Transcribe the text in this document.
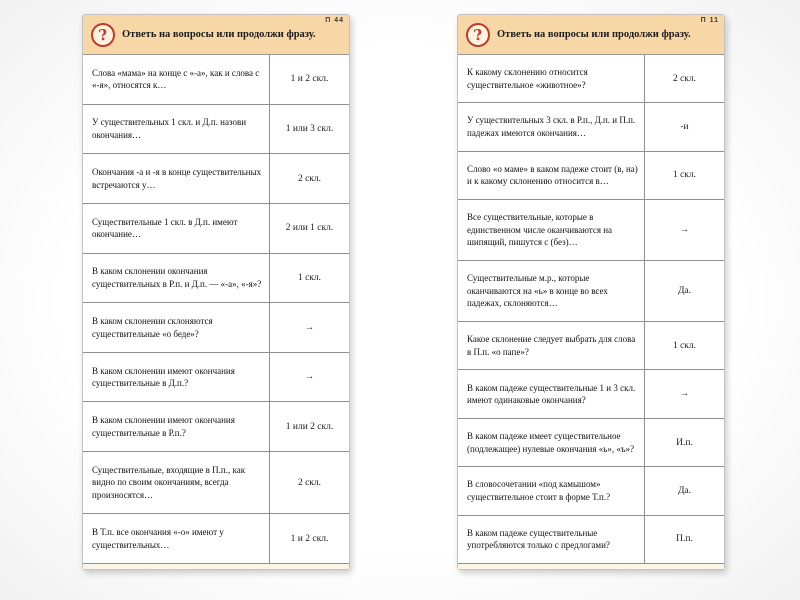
П 44
?	Ответь на вопросы или продолжи фразу.
Слова «мама» на конце с «-а», как и слова с «-я», относятся к…
1 и 2 скл.
У существительных 1 скл. и Д.п. назови окончания…
1 или 3 скл.
Окончания -а и -я в конце существительных встречаются у…
2 скл.
Существительные 1 скл. в Д.п. имеют окончание…
2 или 1 скл.
В каком склонении окончания существительных в Р.п. и Д.п. — «-а», «-я»?
1 скл.
В каком склонении склоняются существительные «о беде»?
→
В каком склонении имеют окончания существительные в Д.п.?
→
В каком склонении имеют окончания существительные в Р.п.?
1 или 2 скл.
Существительные, входящие в П.п., как видно по своим окончаниям, всегда произносятся…
2 скл.
В Т.п. все окончания «-о» имеют у существительных…
1 и 2 скл.
П 11
?	Ответь на вопросы или продолжи фразу.
К какому склонению относится существительное «животное»?
2 скл.
У существительных 3 скл. в Р.п., Д.п. и П.п. падежах имеются окончания…
-и
Слово «о маме» в каком падеже стоит (в, на) и к какому склонению относится в…
1 скл.
Все существительные, которые в единственном числе оканчиваются на шипящий, пишутся с (без)…
→
Существительные м.р., которые оканчиваются на «ь» в конце во всех падежах, склоняются…
Да.
Какое склонение следует выбрать для слова в П.п. «о папе»?
1 скл.
В каком падеже существительные 1 и 3 скл. имеют одинаковые окончания?
→
В каком падеже имеет существительное (подлежащее) нулевые окончания «ь», «ъ»?
И.п.
В словосочетании «под камышом» существительное стоит в форме Т.п.?
Да.
В каком падеже существительные употребляются только с предлогами?
П.п.
